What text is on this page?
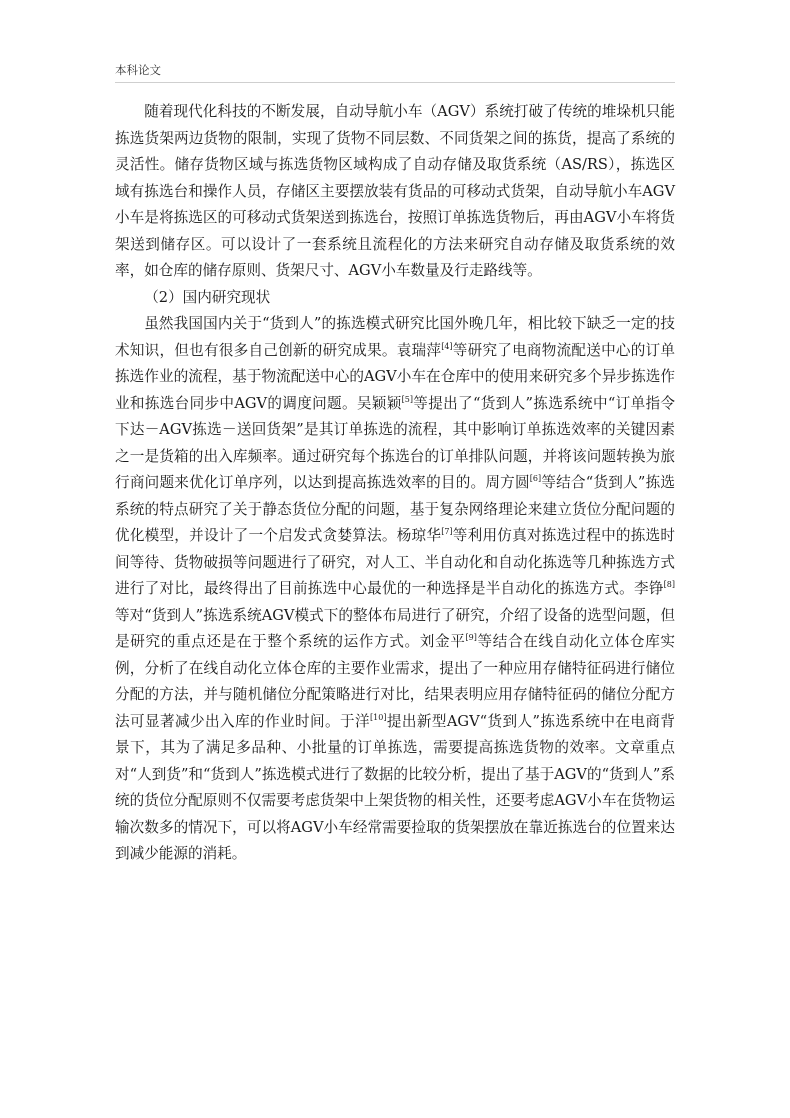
本科论文

随着现代化科技的不断发展，自动导航小车（AGV）系统打破了传统的堆垛机只能拣选货架两边货物的限制，实现了货物不同层数、不同货架之间的拣货，提高了系统的灵活性。储存货物区域与拣选货物区域构成了自动存储及取货系统（AS/RS），拣选区域有拣选台和操作人员，存储区主要摆放装有货品的可移动式货架，自动导航小车AGV小车是将拣选区的可移动式货架送到拣选台，按照订单拣选货物后，再由AGV小车将货架送到储存区。可以设计了一套系统且流程化的方法来研究自动存储及取货系统的效率，如仓库的储存原则、货架尺寸、AGV小车数量及行走路线等。

（2）国内研究现状

虽然我国国内关于“货到人”的拣选模式研究比国外晚几年，相比较下缺乏一定的技术知识，但也有很多自己创新的研究成果。袁瑞萍[4]等研究了电商物流配送中心的订单拣选作业的流程，基于物流配送中心的AGV小车在仓库中的使用来研究多个异步拣选作业和拣选台同步中AGV的调度问题。吴颖颖[5]等提出了“货到人”拣选系统中“订单指令下达－AGV拣选－送回货架”是其订单拣选的流程，其中影响订单拣选效率的关键因素之一是货箱的出入库频率。通过研究每个拣选台的订单排队问题，并将该问题转换为旅行商问题来优化订单序列，以达到提高拣选效率的目的。周方圆[6]等结合“货到人”拣选系统的特点研究了关于静态货位分配的问题，基于复杂网络理论来建立货位分配问题的优化模型，并设计了一个启发式贪婪算法。杨琼华[7]等利用仿真对拣选过程中的拣选时间等待、货物破损等问题进行了研究，对人工、半自动化和自动化拣选等几种拣选方式进行了对比，最终得出了目前拣选中心最优的一种选择是半自动化的拣选方式。李铮[8]等对“货到人”拣选系统AGV模式下的整体布局进行了研究，介绍了设备的选型问题，但是研究的重点还是在于整个系统的运作方式。刘金平[9]等结合在线自动化立体仓库实例，分析了在线自动化立体仓库的主要作业需求，提出了一种应用存储特征码进行储位分配的方法，并与随机储位分配策略进行对比，结果表明应用存储特征码的储位分配方法可显著减少出入库的作业时间。于洋[10]提出新型AGV“货到人”拣选系统中在电商背景下，其为了满足多品种、小批量的订单拣选，需要提高拣选货物的效率。文章重点对“人到货”和“货到人”拣选模式进行了数据的比较分析，提出了基于AGV的“货到人”系统的货位分配原则不仅需要考虑货架中上架货物的相关性，还要考虑AGV小车在货物运输次数多的情况下，可以将AGV小车经常需要捡取的货架摆放在靠近拣选台的位置来达到减少能源的消耗。
